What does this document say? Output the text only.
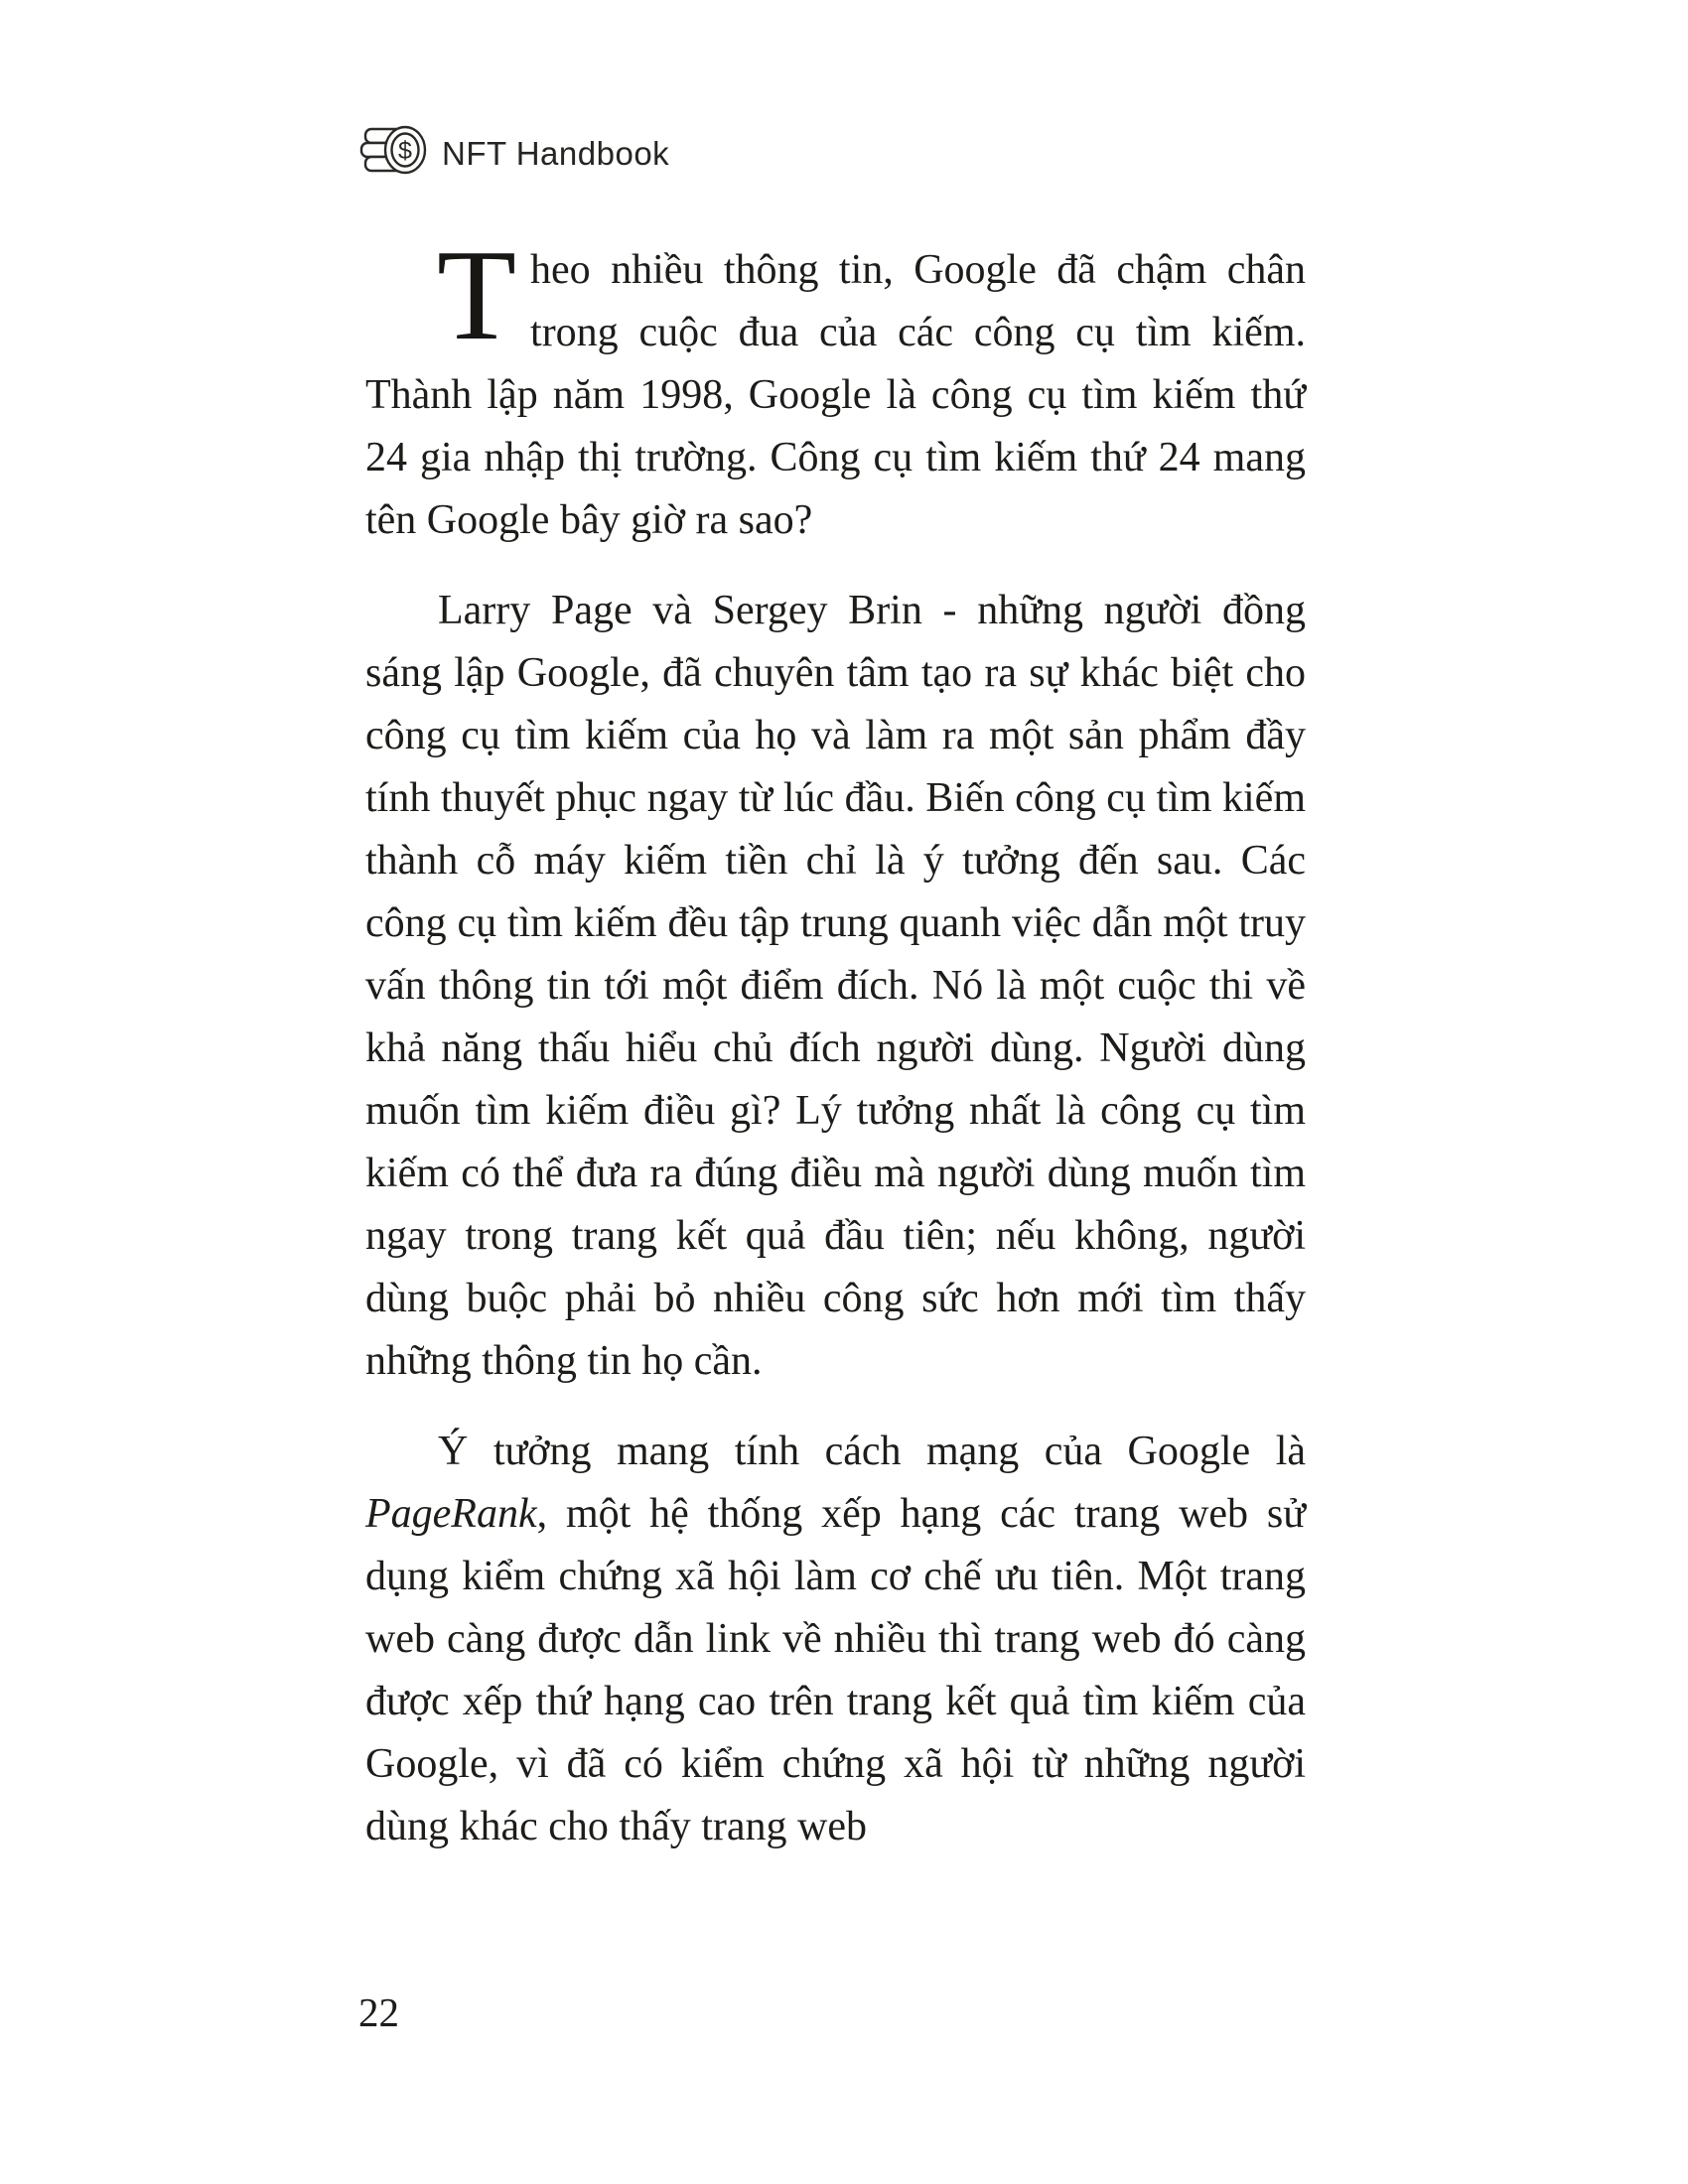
$ NFT Handbook

Theo nhiều thông tin, Google đã chậm chân trong cuộc đua của các công cụ tìm kiếm. Thành lập năm 1998, Google là công cụ tìm kiếm thứ 24 gia nhập thị trường. Công cụ tìm kiếm thứ 24 mang tên Google bây giờ ra sao?

Larry Page và Sergey Brin - những người đồng sáng lập Google, đã chuyên tâm tạo ra sự khác biệt cho công cụ tìm kiếm của họ và làm ra một sản phẩm đầy tính thuyết phục ngay từ lúc đầu. Biến công cụ tìm kiếm thành cỗ máy kiếm tiền chỉ là ý tưởng đến sau. Các công cụ tìm kiếm đều tập trung quanh việc dẫn một truy vấn thông tin tới một điểm đích. Nó là một cuộc thi về khả năng thấu hiểu chủ đích người dùng. Người dùng muốn tìm kiếm điều gì? Lý tưởng nhất là công cụ tìm kiếm có thể đưa ra đúng điều mà người dùng muốn tìm ngay trong trang kết quả đầu tiên; nếu không, người dùng buộc phải bỏ nhiều công sức hơn mới tìm thấy những thông tin họ cần.

Ý tưởng mang tính cách mạng của Google là PageRank, một hệ thống xếp hạng các trang web sử dụng kiểm chứng xã hội làm cơ chế ưu tiên. Một trang web càng được dẫn link về nhiều thì trang web đó càng được xếp thứ hạng cao trên trang kết quả tìm kiếm của Google, vì đã có kiểm chứng xã hội từ những người dùng khác cho thấy trang web

22
